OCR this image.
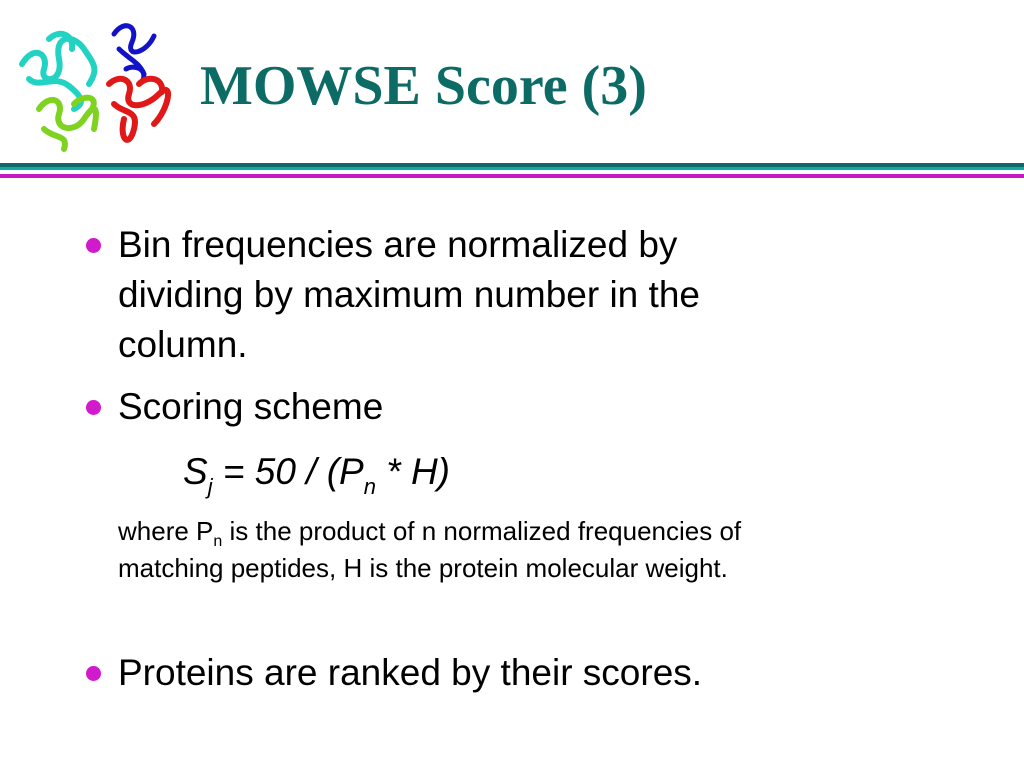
MOWSE Score (3)
Bin frequencies are normalized by
dividing by maximum number in the
column.
Scoring scheme
$S_j = 50 / (P_n * H)$
where $P_n$ is the product of n normalized frequencies of
matching peptides, H is the protein molecular weight.
Proteins are ranked by their scores.
